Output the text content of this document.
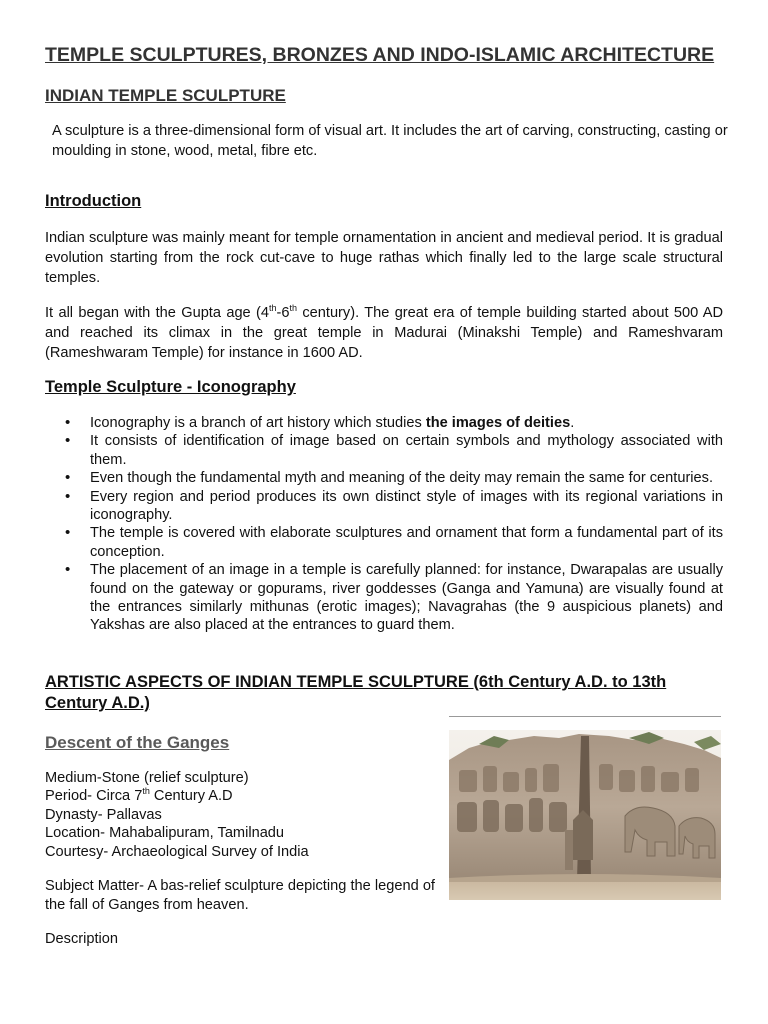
TEMPLE SCULPTURES, BRONZES AND INDO-ISLAMIC ARCHITECTURE
INDIAN TEMPLE SCULPTURE

A sculpture is a three-dimensional form of visual art. It includes the art of carving, constructing, casting or moulding in stone, wood, metal, fibre etc.

Introduction

Indian sculpture was mainly meant for temple ornamentation in ancient and medieval period. It is gradual evolution starting from the rock cut-cave to huge rathas which finally led to the large scale structural temples.

It all began with the Gupta age (4th-6th century). The great era of temple building started about 500 AD and reached its climax in the great temple in Madurai (Minakshi Temple) and Rameshvaram (Rameshwaram Temple) for instance in 1600 AD.

Temple Sculpture - Iconography
• Iconography is a branch of art history which studies the images of deities.
• It consists of identification of image based on certain symbols and mythology associated with them.
• Even though the fundamental myth and meaning of the deity may remain the same for centuries.
• Every region and period produces its own distinct style of images with its regional variations in iconography.
• The temple is covered with elaborate sculptures and ornament that form a fundamental part of its conception.
• The placement of an image in a temple is carefully planned: for instance, Dwarapalas are usually found on the gateway or gopurams, river goddesses (Ganga and Yamuna) are visually found at the entrances similarly mithunas (erotic images); Navagrahas (the 9 auspicious planets) and Yakshas are also placed at the entrances to guard them.
ARTISTIC ASPECTS OF INDIAN TEMPLE SCULPTURE (6th Century A.D. to 13th Century A.D.)
Descent of the Ganges
Medium-Stone (relief sculpture)
Period- Circa 7th Century A.D
Dynasty- Pallavas
Location- Mahabalipuram, Tamilnadu
Courtesy- Archaeological Survey of India

Subject Matter- A bas-relief sculpture depicting the legend of the fall of Ganges from heaven.

Description
